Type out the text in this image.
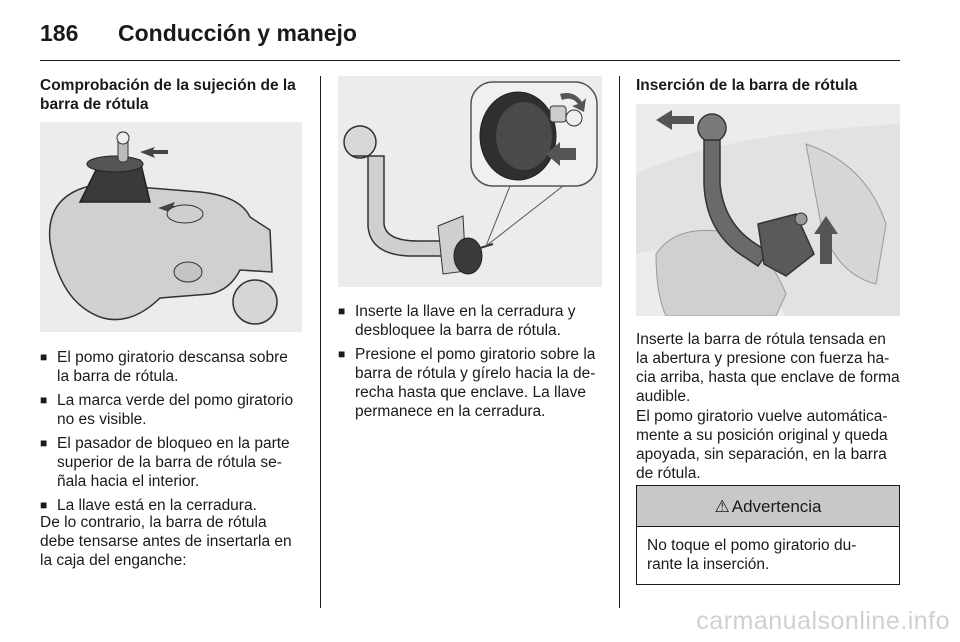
186 Conducción y manejo
Comprobación de la sujeción de la barra de rótula
■ El pomo giratorio descansa sobre la barra de rótula.
■ La marca verde del pomo giratorio no es visible.
■ El pasador de bloqueo en la parte superior de la barra de rótula se-ñala hacia el interior.
■ La llave está en la cerradura.

De lo contrario, la barra de rótula debe tensarse antes de insertarla en la caja del enganche:

■ Inserte la llave en la cerradura y desbloquee la barra de rótula.
■ Presione el pomo giratorio sobre la barra de rótula y gírelo hacia la de-recha hasta que enclave. La llave permanece en la cerradura.
Inserción de la barra de rótula

Inserte la barra de rótula tensada en la abertura y presione con fuerza ha-cia arriba, hasta que enclave de forma audible.

El pomo giratorio vuelve automática-mente a su posición original y queda apoyada, sin separación, en la barra de rótula.

⚠ Advertencia
No toque el pomo giratorio du-rante la inserción.
carmanualsonline.info
